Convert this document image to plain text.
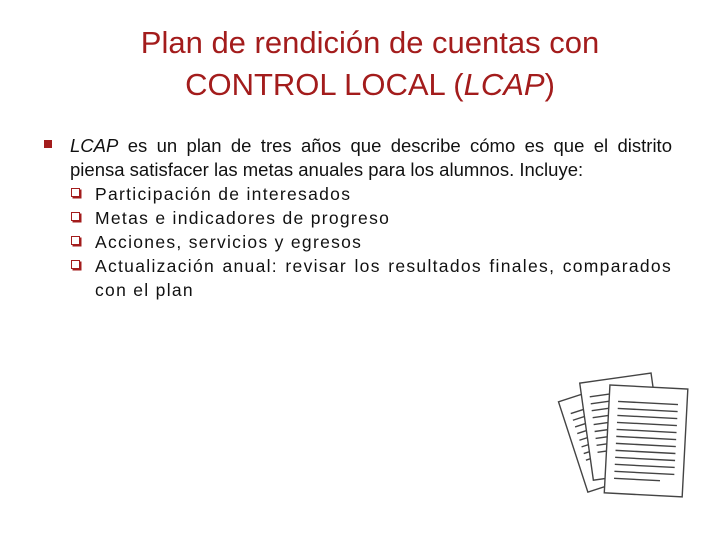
Plan de rendición de cuentas con
CONTROL LOCAL (LCAP)
LCAP es un plan de tres años que describe cómo es que el distrito piensa satisfacer las metas anuales para los alumnos. Incluye:
Participación de interesados
Metas e indicadores de progreso
Acciones, servicios y egresos
Actualización anual: revisar los resultados finales, comparados con el plan
